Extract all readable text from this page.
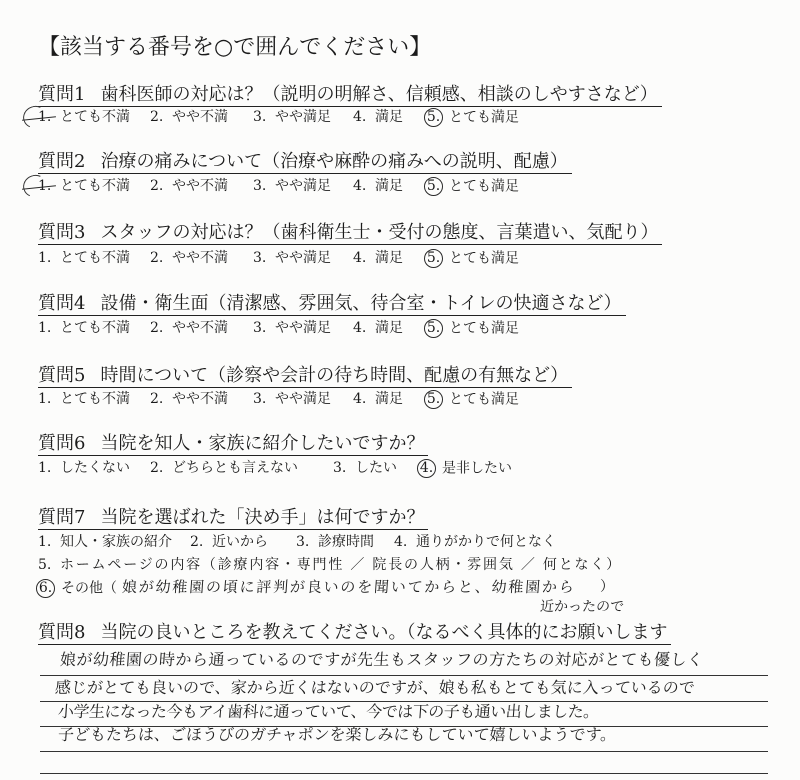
【該当する番号を○で囲んでください】
質問1 歯科医師の対応は？（説明の明解さ、信頼感、相談のしやすさなど）
1. とても不満 2. やや不満 3. やや満足 4. 満足 5. とても満足
質問2 治療の痛みについて（治療や麻酔の痛みへの説明、配慮）
1. とても不満 2. やや不満 3. やや満足 4. 満足 5. とても満足
質問3 スタッフの対応は？（歯科衛生士・受付の態度、言葉遣い、気配り）
1. とても不満 2. やや不満 3. やや満足 4. 満足 5. とても満足
質問4 設備・衛生面（清潔感、雰囲気、待合室・トイレの快適さなど）
1. とても不満 2. やや不満 3. やや満足 4. 満足 5. とても満足
質問5 時間について（診察や会計の待ち時間、配慮の有無など）
1. とても不満 2. やや不満 3. やや満足 4. 満足 5. とても満足
質問6 当院を知人・家族に紹介したいですか？
1. したくない 2. どちらとも言えない	3. したい 4. 是非したい
質問7 当院を選ばれた「決め手」は何ですか？
1. 知人・家族の紹介 2. 近いから 3. 診療時間 4. 通りがかりで何となく
5. ホームページの内容（診療内容・専門性 ／ 院長の人柄・雰囲気 ／ 何となく）
6. その他（ 娘が幼稚園の頃に評判が良いのを聞いてからと、幼稚園から ）
近かったので
質問8 当院の良いところを教えてください。（なるべく具体的にお願いします
娘が幼稚園の時から通っているのですが先生もスタッフの方たちの対応がとても優しく
感じがとても良いので、家から近くはないのですが、娘も私もとても気に入っているので
小学生になった今もアイ歯科に通っていて、今では下の子も通い出しました。
子どもたちは、ごほうびのガチャポンを楽しみにもしていて嬉しいようです。
